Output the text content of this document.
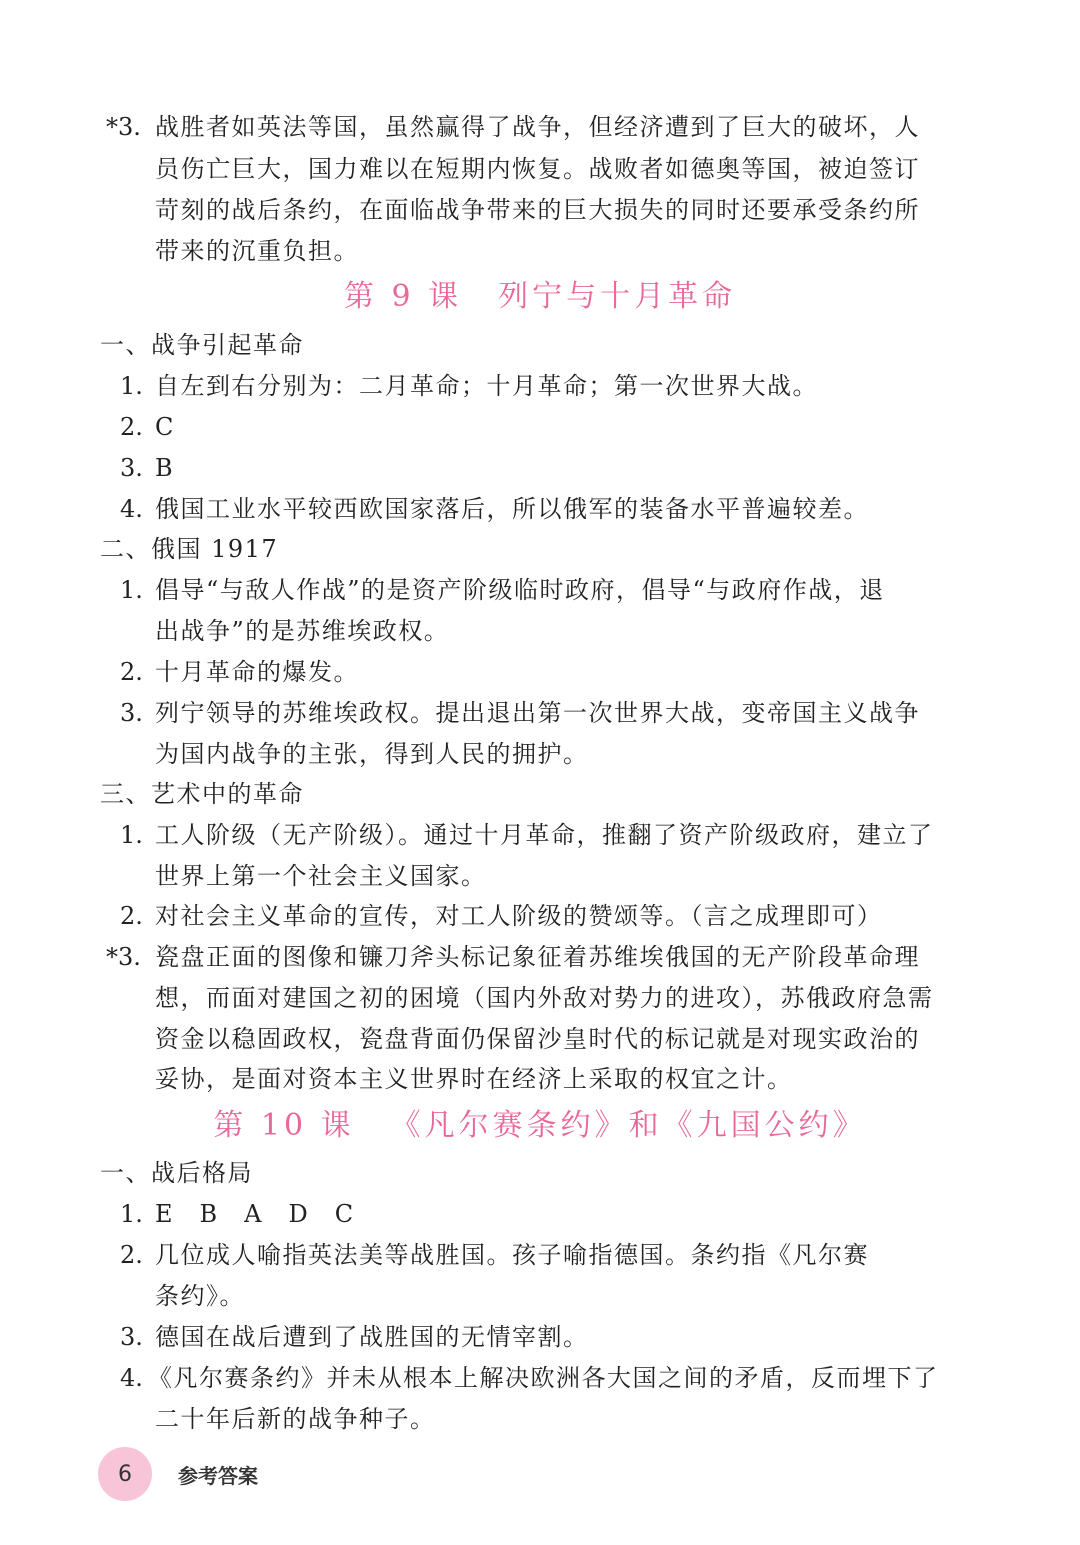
*3. 战胜者如英法等国，虽然赢得了战争，但经济遭到了巨大的破坏，人
员伤亡巨大，国力难以在短期内恢复。战败者如德奥等国，被迫签订
苛刻的战后条约，在面临战争带来的巨大损失的同时还要承受条约所
带来的沉重负担。
第 9 课 列宁与十月革命
一、战争引起革命
1. 自左到右分别为：二月革命；十月革命；第一次世界大战。
2. C
3. B
4. 俄国工业水平较西欧国家落后，所以俄军的装备水平普遍较差。
二、俄国 1917
1. 倡导“与敌人作战”的是资产阶级临时政府，倡导“与政府作战，退
出战争”的是苏维埃政权。
2. 十月革命的爆发。
3. 列宁领导的苏维埃政权。提出退出第一次世界大战，变帝国主义战争
为国内战争的主张，得到人民的拥护。
三、艺术中的革命
1. 工人阶级（无产阶级）。通过十月革命，推翻了资产阶级政府，建立了
世界上第一个社会主义国家。
2. 对社会主义革命的宣传，对工人阶级的赞颂等。（言之成理即可）
*3. 瓷盘正面的图像和镰刀斧头标记象征着苏维埃俄国的无产阶段革命理
想，而面对建国之初的困境（国内外敌对势力的进攻），苏俄政府急需
资金以稳固政权，瓷盘背面仍保留沙皇时代的标记就是对现实政治的
妥协，是面对资本主义世界时在经济上采取的权宜之计。
第 10 课 《凡尔赛条约》和《九国公约》
一、战后格局
1. E　B　A　D　C
2. 几位成人喻指英法美等战胜国。孩子喻指德国。条约指《凡尔赛
条约》。
3. 德国在战后遭到了战胜国的无情宰割。
4. 《凡尔赛条约》并未从根本上解决欧洲各大国之间的矛盾，反而埋下了
二十年后新的战争种子。
6 参考答案
